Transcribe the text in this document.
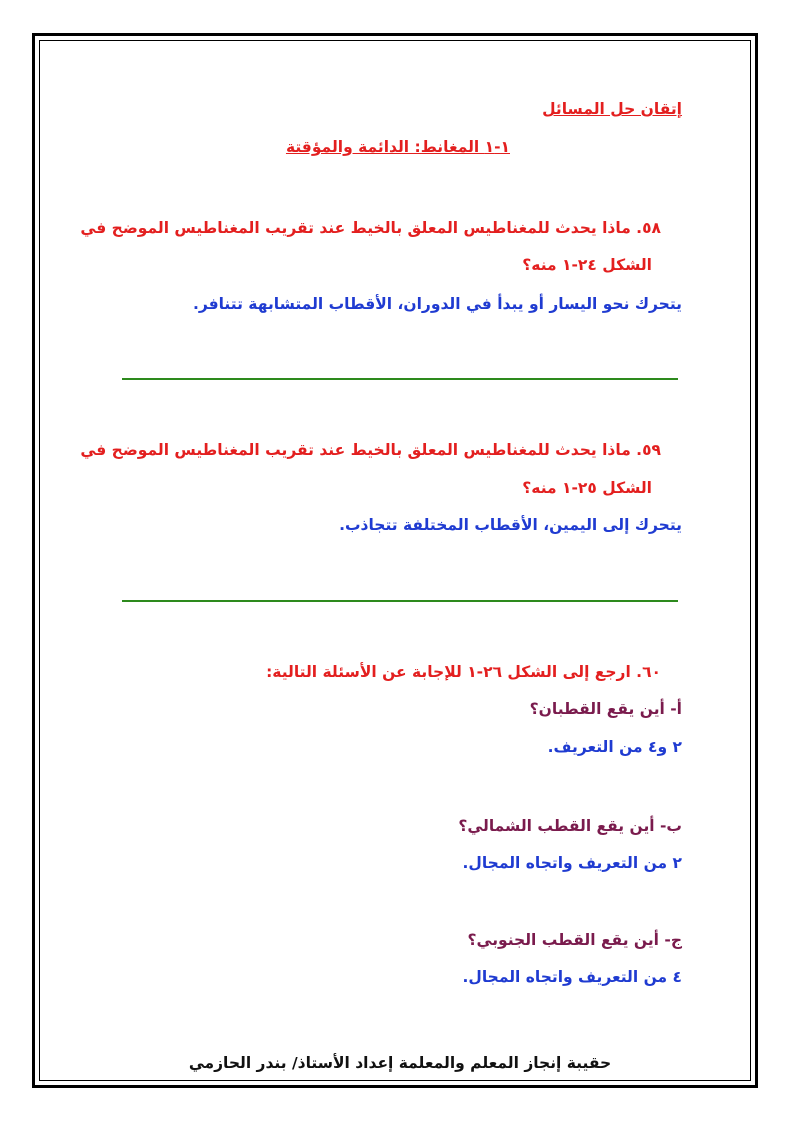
إتقان حل المسائل
١-١ المغانط: الدائمة والمؤقتة
٥٨. ماذا يحدث للمغناطيس المعلق بالخيط عند تقريب المغناطيس الموضح في
الشكل ٢٤-١ منه؟
يتحرك نحو اليسار أو يبدأ في الدوران، الأقطاب المتشابهة تتنافر.
٥٩. ماذا يحدث للمغناطيس المعلق بالخيط عند تقريب المغناطيس الموضح في
الشكل ٢٥-١ منه؟
يتحرك إلى اليمين، الأقطاب المختلفة تتجاذب.
٦٠. ارجع إلى الشكل ٢٦-١ للإجابة عن الأسئلة التالية:
أ- أين يقع القطبان؟
٢ و٤ من التعريف.
ب- أين يقع القطب الشمالي؟
٢ من التعريف واتجاه المجال.
ج- أين يقع القطب الجنوبي؟
٤ من التعريف واتجاه المجال.
حقيبة إنجاز المعلم والمعلمة إعداد الأستاذ/ بندر الحازمي
